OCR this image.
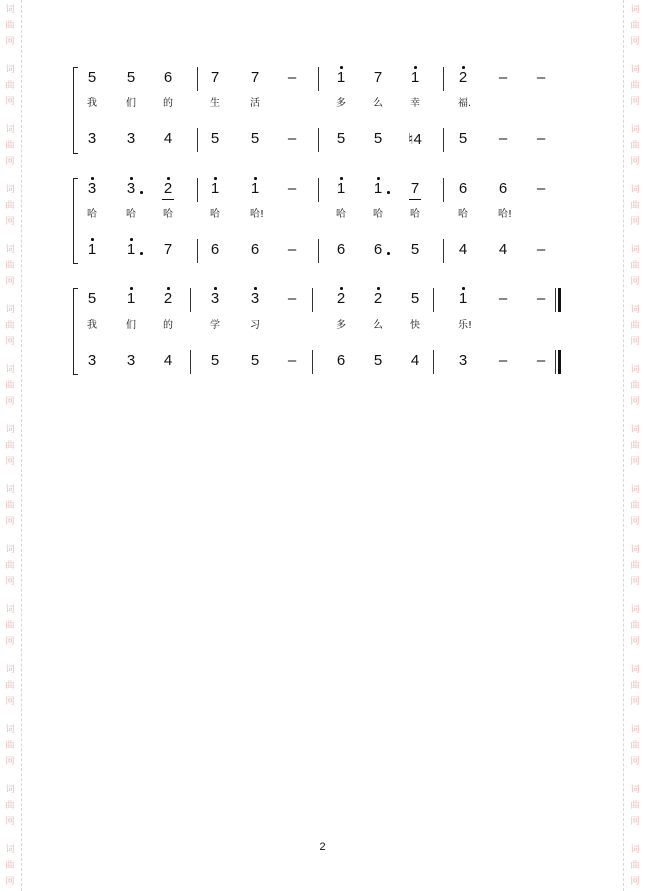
词
曲
网
词
曲
网
词
曲
网
词
曲
网
词
曲
网
词
曲
网
词
曲
网
词
曲
网
词
曲
网
词
曲
网
词
曲
网
词
曲
网
词
曲
网
词
曲
网
词
曲
网
词
曲
网
词
曲
网
词
曲
网
词
曲
网
词
曲
网
词
曲
网
词
曲
网
词
曲
网
词
曲
网
词
曲
网
词
曲
网
词
曲
网
词
曲
网
词
曲
网
词
曲
网
5 5 6	7 7 –	1 7 1	2 – –
3 3 4	5 5 –	5 5 ♮4 5 – –
我	们	的	生	活	多	么	幸	福.
3 3 2	1 1 –	1 1 7	6 6 –
1 1 7	6 6 –	6 6 5	4 4 –
哈	哈	哈	哈	哈!	哈	哈	哈	哈	哈!
5 1 2	3 3 –	2 2 5	1 – –
3 3 4	5 5 –	6 5 4	3 – –
我	们	的	学	习	多	么	快	乐!
2
